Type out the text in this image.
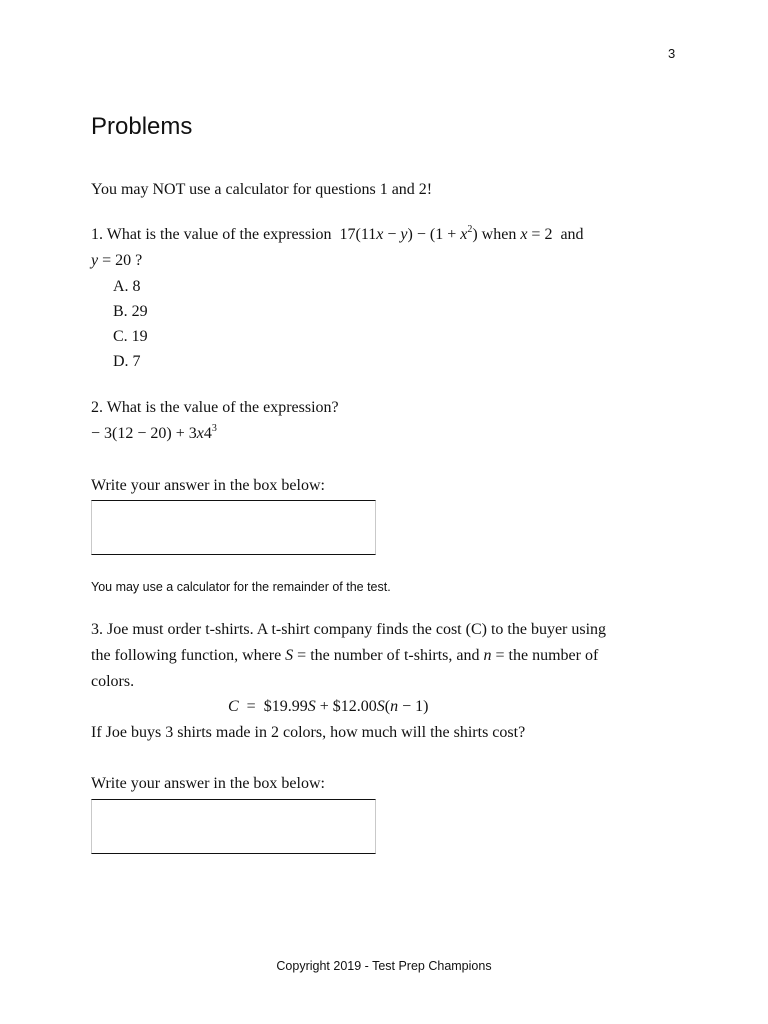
3
Problems
You may NOT use a calculator for questions 1 and 2!
1. What is the value of the expression $17(11x - y) - (1 + x^2)$ when x = 2 and
y = 20 ?
A. 8
B. 29
C. 19
D. 7
2. What is the value of the expression?
− $3(12 - 20) + 3x4^3$
Write your answer in the box below:
You may use a calculator for the remainder of the test.
3. Joe must order t-shirts. A t-shirt company finds the cost (C) to the buyer using
the following function, where S = the number of t-shirts, and n = the number of
colors.
C  =  $19.99S + $12.00S(n − 1)
If Joe buys 3 shirts made in 2 colors, how much will the shirts cost?
Write your answer in the box below:
Copyright 2019 - Test Prep Champions
